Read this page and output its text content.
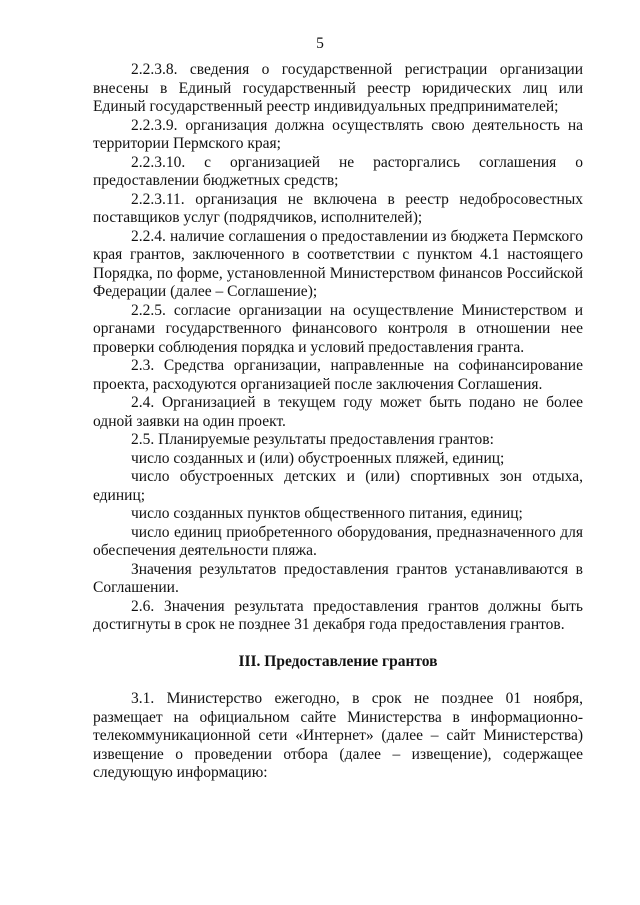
5

2.2.3.8. сведения о государственной регистрации организации внесены в Единый государственный реестр юридических лиц или Единый государственный реестр индивидуальных предпринимателей;

2.2.3.9. организация должна осуществлять свою деятельность на территории Пермского края;

2.2.3.10. с организацией не расторгались соглашения о предоставлении бюджетных средств;

2.2.3.11. организация не включена в реестр недобросовестных поставщиков услуг (подрядчиков, исполнителей);

2.2.4. наличие соглашения о предоставлении из бюджета Пермского края грантов, заключенного в соответствии с пунктом 4.1 настоящего Порядка, по форме, установленной Министерством финансов Российской Федерации (далее – Соглашение);

2.2.5. согласие организации на осуществление Министерством и органами государственного финансового контроля в отношении нее проверки соблюдения порядка и условий предоставления гранта.

2.3. Средства организации, направленные на софинансирование проекта, расходуются организацией после заключения Соглашения.

2.4. Организацией в текущем году может быть подано не более одной заявки на один проект.

2.5. Планируемые результаты предоставления грантов:

число созданных и (или) обустроенных пляжей, единиц;

число обустроенных детских и (или) спортивных зон отдыха, единиц;

число созданных пунктов общественного питания, единиц;

число единиц приобретенного оборудования, предназначенного для обеспечения деятельности пляжа.

Значения результатов предоставления грантов устанавливаются в Соглашении.

2.6. Значения результата предоставления грантов должны быть достигнуты в срок не позднее 31 декабря года предоставления грантов.

III. Предоставление грантов

3.1. Министерство ежегодно, в срок не позднее 01 ноября, размещает на официальном сайте Министерства в информационно-телекоммуникационной сети «Интернет» (далее – сайт Министерства) извещение о проведении отбора (далее – извещение), содержащее следующую информацию:
